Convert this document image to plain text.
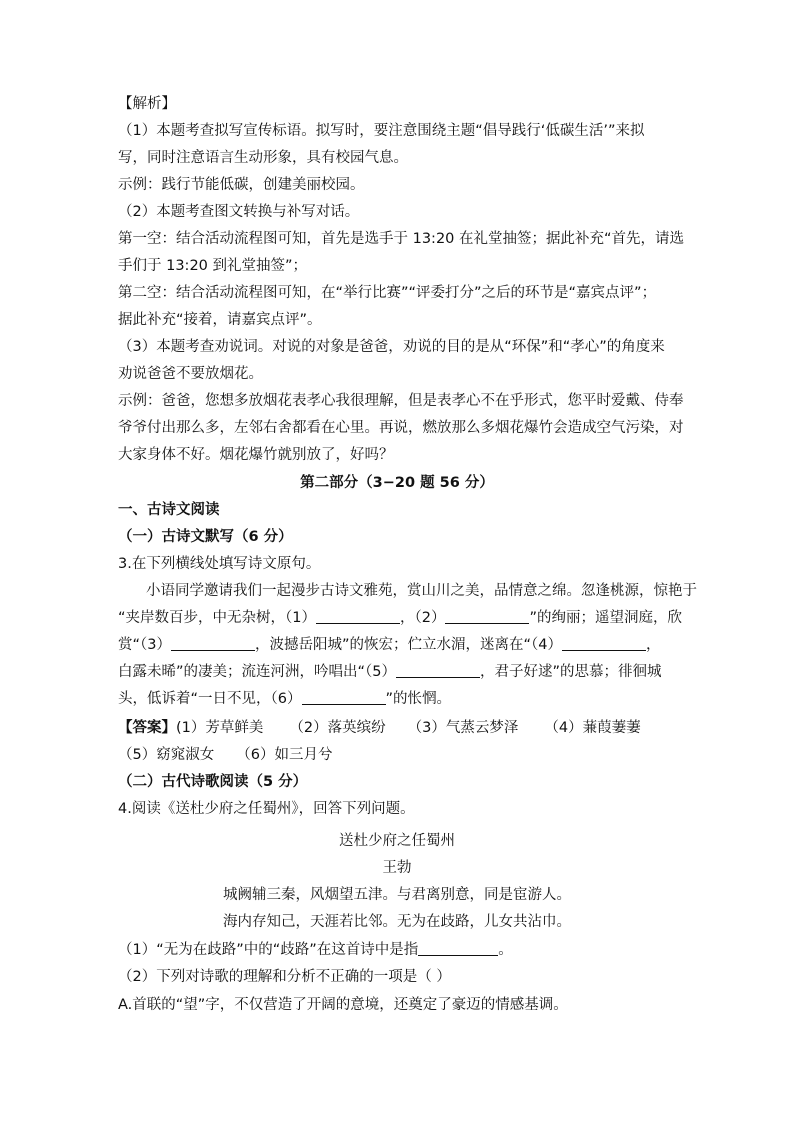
【解析】
（1）本题考查拟写宣传标语。拟写时，要注意围绕主题“倡导践行‘低碳生活’”来拟
写，同时注意语言生动形象，具有校园气息。
示例：践行节能低碳，创建美丽校园。
（2）本题考查图文转换与补写对话。
第一空：结合活动流程图可知，首先是选手于 13:20 在礼堂抽签；据此补充“首先，请选
手们于 13:20 到礼堂抽签”；
第二空：结合活动流程图可知，在“举行比赛”“评委打分”之后的环节是“嘉宾点评”；
据此补充“接着，请嘉宾点评”。
（3）本题考查劝说词。对说的对象是爸爸，劝说的目的是从“环保”和“孝心”的角度来
劝说爸爸不要放烟花。
示例：爸爸，您想多放烟花表孝心我很理解，但是表孝心不在乎形式，您平时爱戴、侍奉
爷爷付出那么多，左邻右舍都看在心里。再说，燃放那么多烟花爆竹会造成空气污染，对
大家身体不好。烟花爆竹就别放了，好吗？
第二部分（3−20 题 56 分）
一、古诗文阅读
（一）古诗文默写（6 分）
3.在下列横线处填写诗文原句。
小语同学邀请我们一起漫步古诗文雅苑，赏山川之美，品情意之绵。忽逢桃源，惊艳于
“夹岸数百步，中无杂树，（1）	，（2）	”的绚丽；遥望洞庭，欣
赏“（3）	，波撼岳阳城”的恢宏；伫立水湄，迷离在“（4）	，
白露未晞”的凄美；流连河洲，吟唱出“（5）	，君子好逑”的思慕；徘徊城
头，低诉着“一日不见，（6）	”的怅惘。
【答案】(1）芳草鲜美 （2）落英缤纷 （3）气蒸云梦泽 （4）蒹葭萋萋
（5）窈窕淑女 （6）如三月兮
（二）古代诗歌阅读（5 分）
4.阅读《送杜少府之任蜀州》，回答下列问题。
送杜少府之任蜀州
王勃
城阙辅三秦，风烟望五津。与君离别意，同是宦游人。
海内存知己，天涯若比邻。无为在歧路，儿女共沾巾。
（1）“无为在歧路”中的“歧路”在这首诗中是指	。
（2）下列对诗歌的理解和分析不正确的一项是（ ）
A.首联的“望”字，不仅营造了开阔的意境，还奠定了豪迈的情感基调。
